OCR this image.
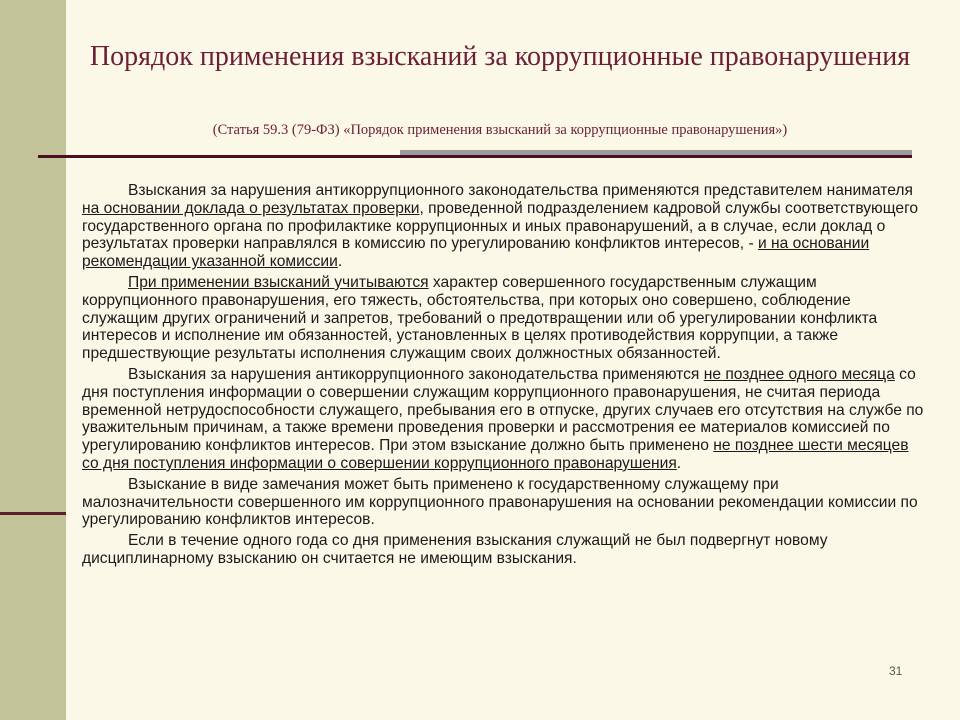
Порядок применения взысканий за коррупционные правонарушения
(Статья 59.3 (79-ФЗ) «Порядок применения взысканий за коррупционные правонарушения»)

Взыскания за нарушения антикоррупционного законодательства применяются представителем нанимателя на основании доклада о результатах проверки, проведенной подразделением кадровой службы соответствующего государственного органа по профилактике коррупционных и иных правонарушений, а в случае, если доклад о результатах проверки направлялся в комиссию по урегулированию конфликтов интересов, - и на основании рекомендации указанной комиссии.

При применении взысканий учитываются характер совершенного государственным служащим коррупционного правонарушения, его тяжесть, обстоятельства, при которых оно совершено, соблюдение служащим других ограничений и запретов, требований о предотвращении или об урегулировании конфликта интересов и исполнение им обязанностей, установленных в целях противодействия коррупции, а также предшествующие результаты исполнения служащим своих должностных обязанностей.

Взыскания за нарушения антикоррупционного законодательства применяются не позднее одного месяца со дня поступления информации о совершении служащим коррупционного правонарушения, не считая периода временной нетрудоспособности служащего, пребывания его в отпуске, других случаев его отсутствия на службе по уважительным причинам, а также времени проведения проверки и рассмотрения ее материалов комиссией по урегулированию конфликтов интересов. При этом взыскание должно быть применено не позднее шести месяцев со дня поступления информации о совершении коррупционного правонарушения.

Взыскание в виде замечания может быть применено к государственному служащему при малозначительности совершенного им коррупционного правонарушения на основании рекомендации комиссии по урегулированию конфликтов интересов.

Если в течение одного года со дня применения взыскания служащий не был подвергнут новому дисциплинарному взысканию он считается не имеющим взыскания.

31
